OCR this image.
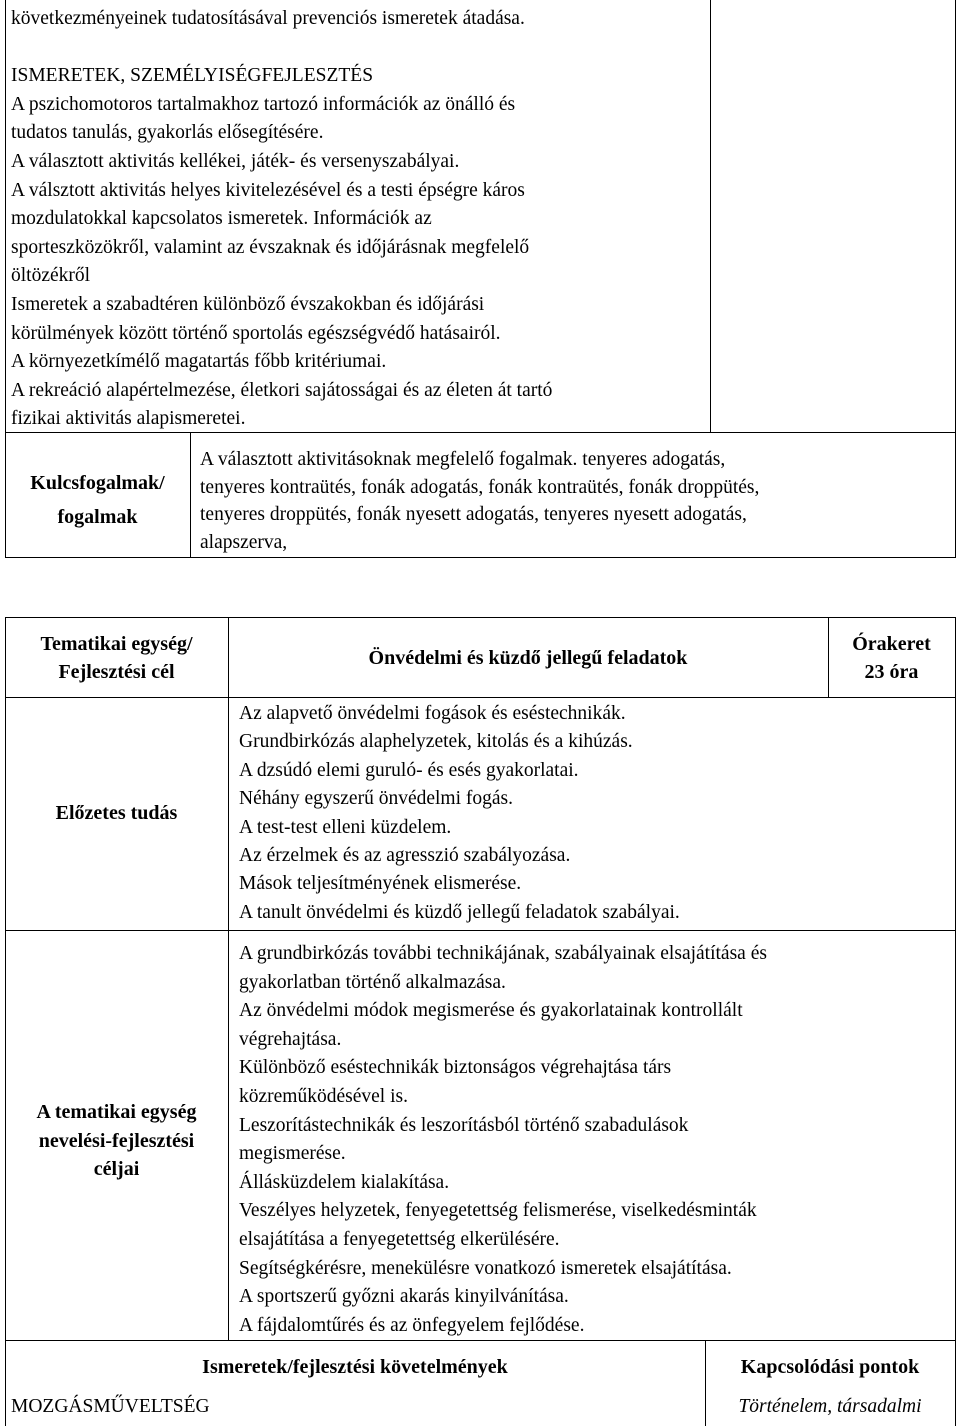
következményeinek tudatosításával prevenciós ismeretek átadása.
ISMERETEK, SZEMÉLYISÉGFEJLESZTÉS
A pszichomotoros tartalmakhoz tartozó információk az önálló és
tudatos tanulás, gyakorlás elősegítésére.
A választott aktivitás kellékei, játék- és versenyszabályai.
A válsztott aktivitás helyes kivitelezésével és a testi épségre káros
mozdulatokkal kapcsolatos ismeretek. Információk az
sporteszközökről, valamint az évszaknak és időjárásnak megfelelő
öltözékről
Ismeretek a szabadtéren különböző évszakokban és időjárási
körülmények között történő sportolás egészségvédő hatásairól.
A környezetkímélő magatartás főbb kritériumai.
A rekreáció alapértelmezése, életkori sajátosságai és az életen át tartó
fizikai aktivitás alapismeretei.
Kulcsfogalmak/
fogalmak
A választott aktivitásoknak megfelelő fogalmak. tenyeres adogatás,
tenyeres kontraütés, fonák adogatás, fonák kontraütés, fonák droppütés,
tenyeres droppütés, fonák nyesett adogatás, tenyeres nyesett adogatás,
alapszerva,
Tematikai egység/
Fejlesztési cél
Önvédelmi és küzdő jellegű feladatok
Órakeret
23 óra
Előzetes tudás
Az alapvető önvédelmi fogások és eséstechnikák.
Grundbirkózás alaphelyzetek, kitolás és a kihúzás.
A dzsúdó elemi guruló- és esés gyakorlatai.
Néhány egyszerű önvédelmi fogás.
A test-test elleni küzdelem.
Az érzelmek és az agresszió szabályozása.
Mások teljesítményének elismerése.
A tanult önvédelmi és küzdő jellegű feladatok szabályai.
A tematikai egység
nevelési-fejlesztési
céljai
A grundbirkózás további technikájának, szabályainak elsajátítása és
gyakorlatban történő alkalmazása.
Az önvédelmi módok megismerése és gyakorlatainak kontrollált
végrehajtása.
Különböző eséstechnikák biztonságos végrehajtása társ
közreműködésével is.
Leszorítástechnikák és leszorításból történő szabadulások
megismerése.
Állásküzdelem kialakítása.
Veszélyes helyzetek, fenyegetettség felismerése, viselkedésminták
elsajátítása a fenyegetettség elkerülésére.
Segítségkérésre, menekülésre vonatkozó ismeretek elsajátítása.
A sportszerű győzni akarás kinyilvánítása.
A fájdalomtűrés és az önfegyelem fejlődése.
Ismeretek/fejlesztési követelmények	Kapcsolódási pontok
MOZGÁSMŰVELTSÉG	Történelem, társadalmi
